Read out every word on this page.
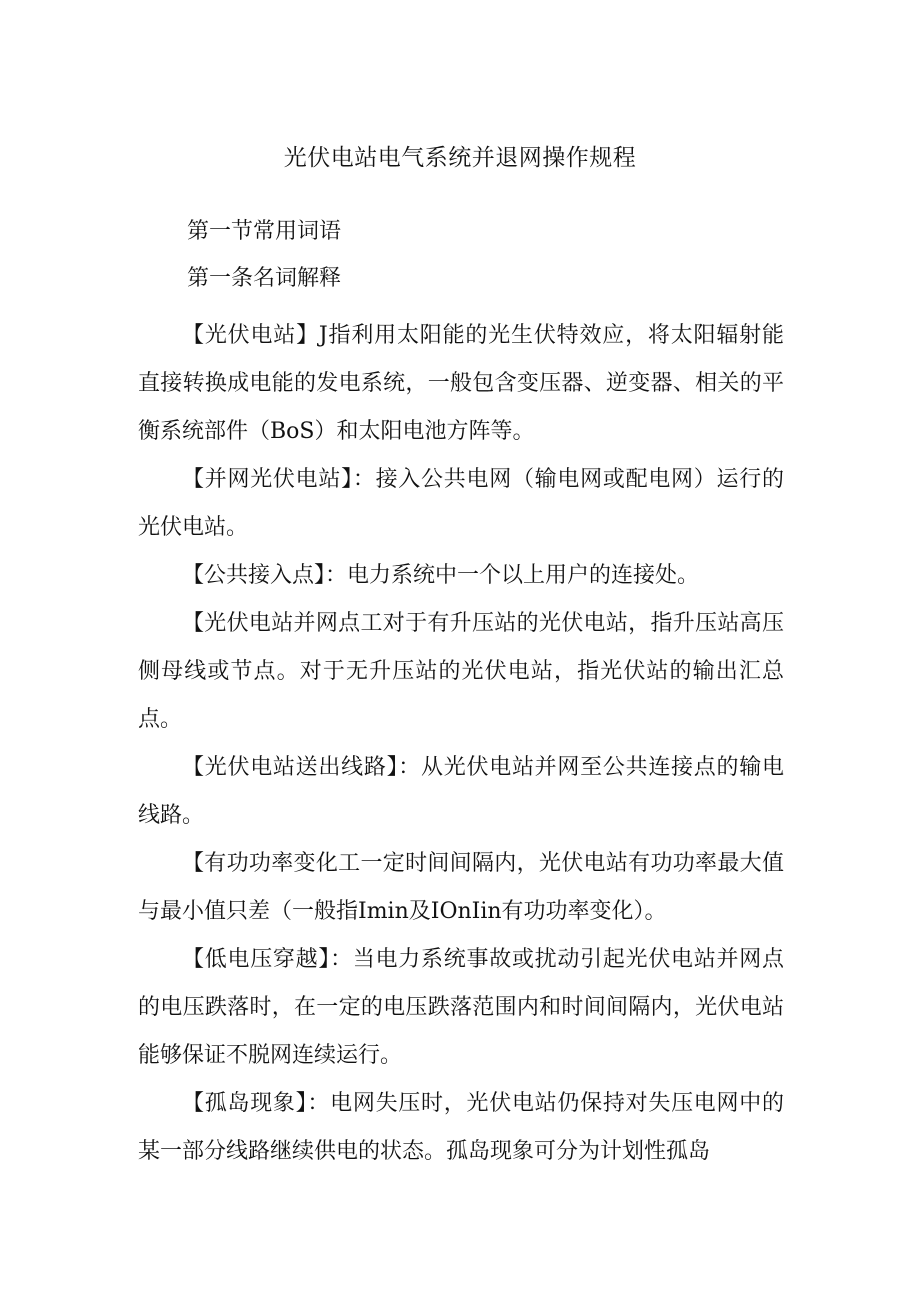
光伏电站电气系统并退网操作规程
第一节常用词语
第一条名词解释

【光伏电站】J指利用太阳能的光生伏特效应，将太阳辐射能直接转换成电能的发电系统，一般包含变压器、逆变器、相关的平衡系统部件（BoS）和太阳电池方阵等。

【并网光伏电站】：接入公共电网（输电网或配电网）运行的光伏电站。

【公共接入点】：电力系统中一个以上用户的连接处。

【光伏电站并网点工对于有升压站的光伏电站，指升压站高压侧母线或节点。对于无升压站的光伏电站，指光伏站的输出汇总点。

【光伏电站送出线路】：从光伏电站并网至公共连接点的输电线路。

【有功功率变化工一定时间间隔内，光伏电站有功功率最大值与最小值只差（一般指Imin及IOnIin有功功率变化）。

【低电压穿越】：当电力系统事故或扰动引起光伏电站并网点的电压跌落时，在一定的电压跌落范围内和时间间隔内，光伏电站能够保证不脱网连续运行。

【孤岛现象】：电网失压时，光伏电站仍保持对失压电网中的某一部分线路继续供电的状态。孤岛现象可分为计划性孤岛
